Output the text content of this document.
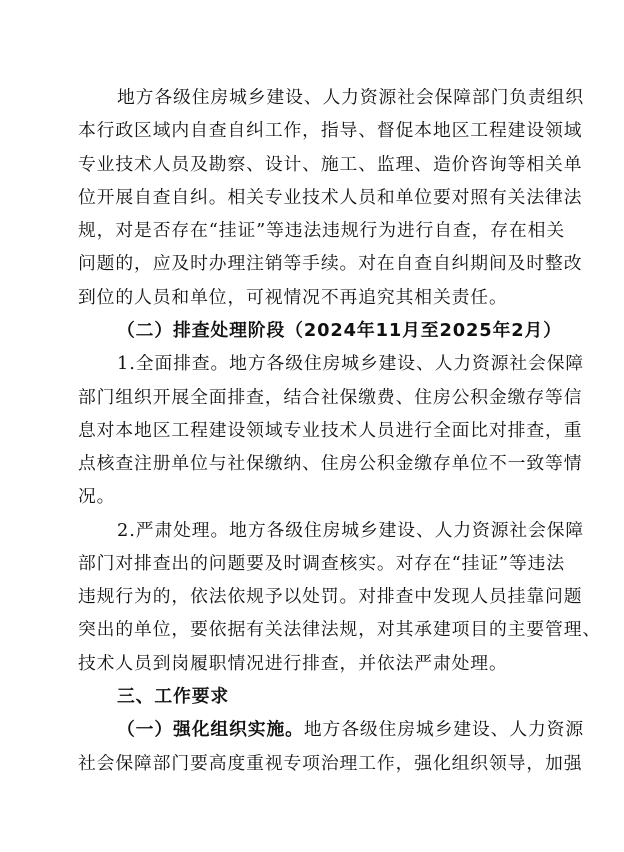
地方各级住房城乡建设、人力资源社会保障部门负责组织
本行政区域内自查自纠工作，指导、督促本地区工程建设领域
专业技术人员及勘察、设计、施工、监理、造价咨询等相关单
位开展自查自纠。相关专业技术人员和单位要对照有关法律法
规，对是否存在“挂证”等违法违规行为进行自查，存在相关
问题的，应及时办理注销等手续。对在自查自纠期间及时整改
到位的人员和单位，可视情况不再追究其相关责任。
（二）排查处理阶段（2024年11月至2025年2月）
1.全面排查。地方各级住房城乡建设、人力资源社会保障
部门组织开展全面排查，结合社保缴费、住房公积金缴存等信
息对本地区工程建设领域专业技术人员进行全面比对排查，重
点核查注册单位与社保缴纳、住房公积金缴存单位不一致等情
况。
2.严肃处理。地方各级住房城乡建设、人力资源社会保障
部门对排查出的问题要及时调查核实。对存在“挂证”等违法
违规行为的，依法依规予以处罚。对排查中发现人员挂靠问题
突出的单位，要依据有关法律法规，对其承建项目的主要管理、
技术人员到岗履职情况进行排查，并依法严肃处理。
三、工作要求
（一）强化组织实施。地方各级住房城乡建设、人力资源
社会保障部门要高度重视专项治理工作，强化组织领导，加强
